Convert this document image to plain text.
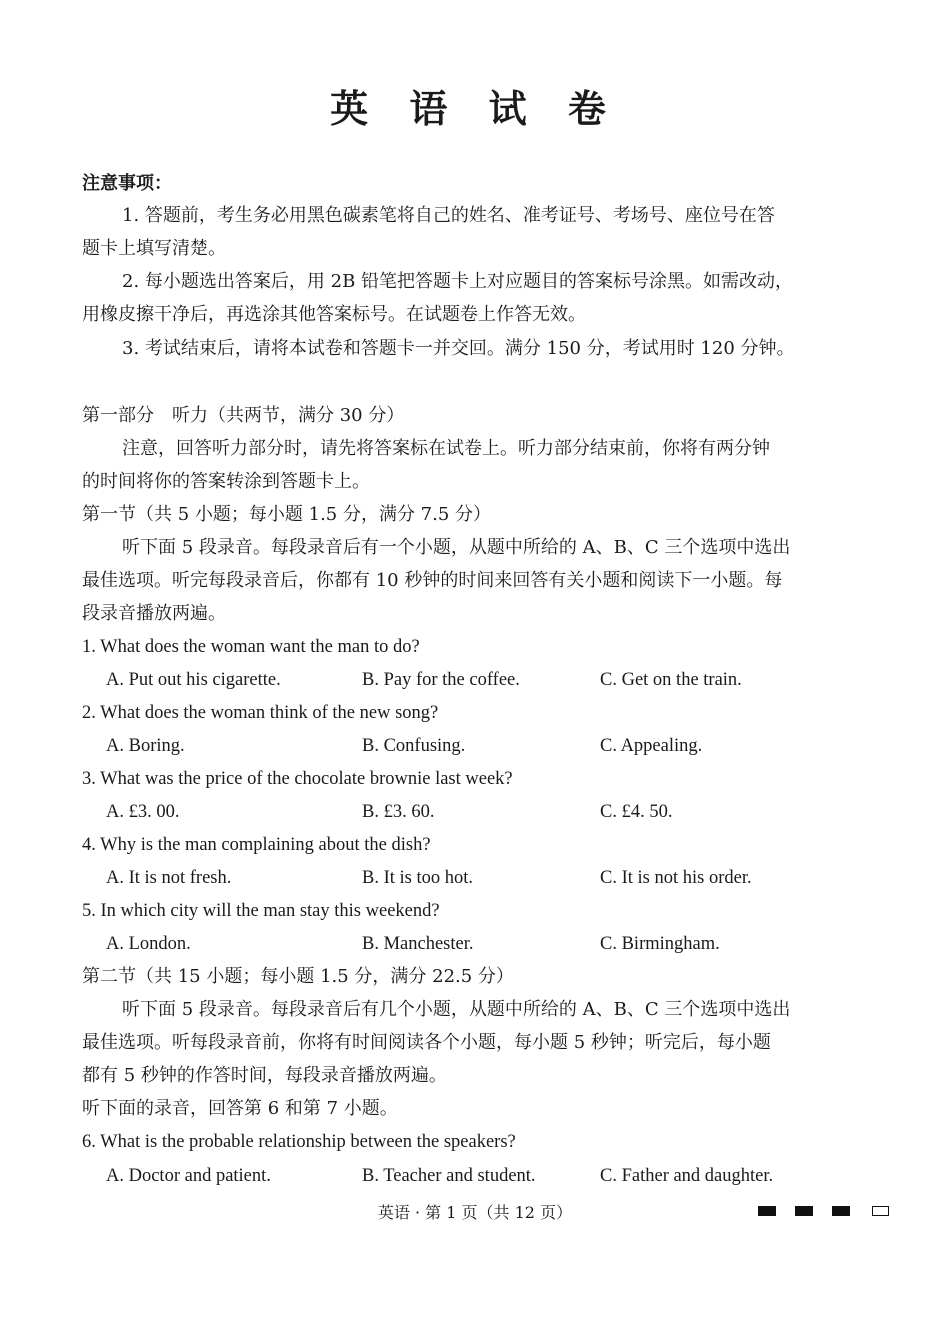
英 语 试 卷
注意事项：
1. 答题前，考生务必用黑色碳素笔将自己的姓名、准考证号、考场号、座位号在答
题卡上填写清楚。
2. 每小题选出答案后，用 2B 铅笔把答题卡上对应题目的答案标号涂黑。如需改动，
用橡皮擦干净后，再选涂其他答案标号。在试题卷上作答无效。
3. 考试结束后，请将本试卷和答题卡一并交回。满分 150 分，考试用时 120 分钟。
第一部分　听力（共两节，满分 30 分）
注意，回答听力部分时，请先将答案标在试卷上。听力部分结束前，你将有两分钟
的时间将你的答案转涂到答题卡上。
第一节（共 5 小题；每小题 1.5 分，满分 7.5 分）
听下面 5 段录音。每段录音后有一个小题，从题中所给的 A、B、C 三个选项中选出
最佳选项。听完每段录音后，你都有 10 秒钟的时间来回答有关小题和阅读下一小题。每
段录音播放两遍。
1. What does the woman want the man to do?
A. Put out his cigarette.	B. Pay for the coffee.	C. Get on the train.
2. What does the woman think of the new song?
A. Boring.	B. Confusing.	C. Appealing.
3. What was the price of the chocolate brownie last week?
A. £3. 00.	B. £3. 60.	C. £4. 50.
4. Why is the man complaining about the dish?
A. It is not fresh.	B. It is too hot.	C. It is not his order.
5. In which city will the man stay this weekend?
A. London.	B. Manchester.	C. Birmingham.
第二节（共 15 小题；每小题 1.5 分，满分 22.5 分）
听下面 5 段录音。每段录音后有几个小题，从题中所给的 A、B、C 三个选项中选出
最佳选项。听每段录音前，你将有时间阅读各个小题，每小题 5 秒钟；听完后，每小题
都有 5 秒钟的作答时间，每段录音播放两遍。
听下面的录音，回答第 6 和第 7 小题。
6. What is the probable relationship between the speakers?
A. Doctor and patient.	B. Teacher and student.	C. Father and daughter.
英语 · 第 1 页（共 12 页）
